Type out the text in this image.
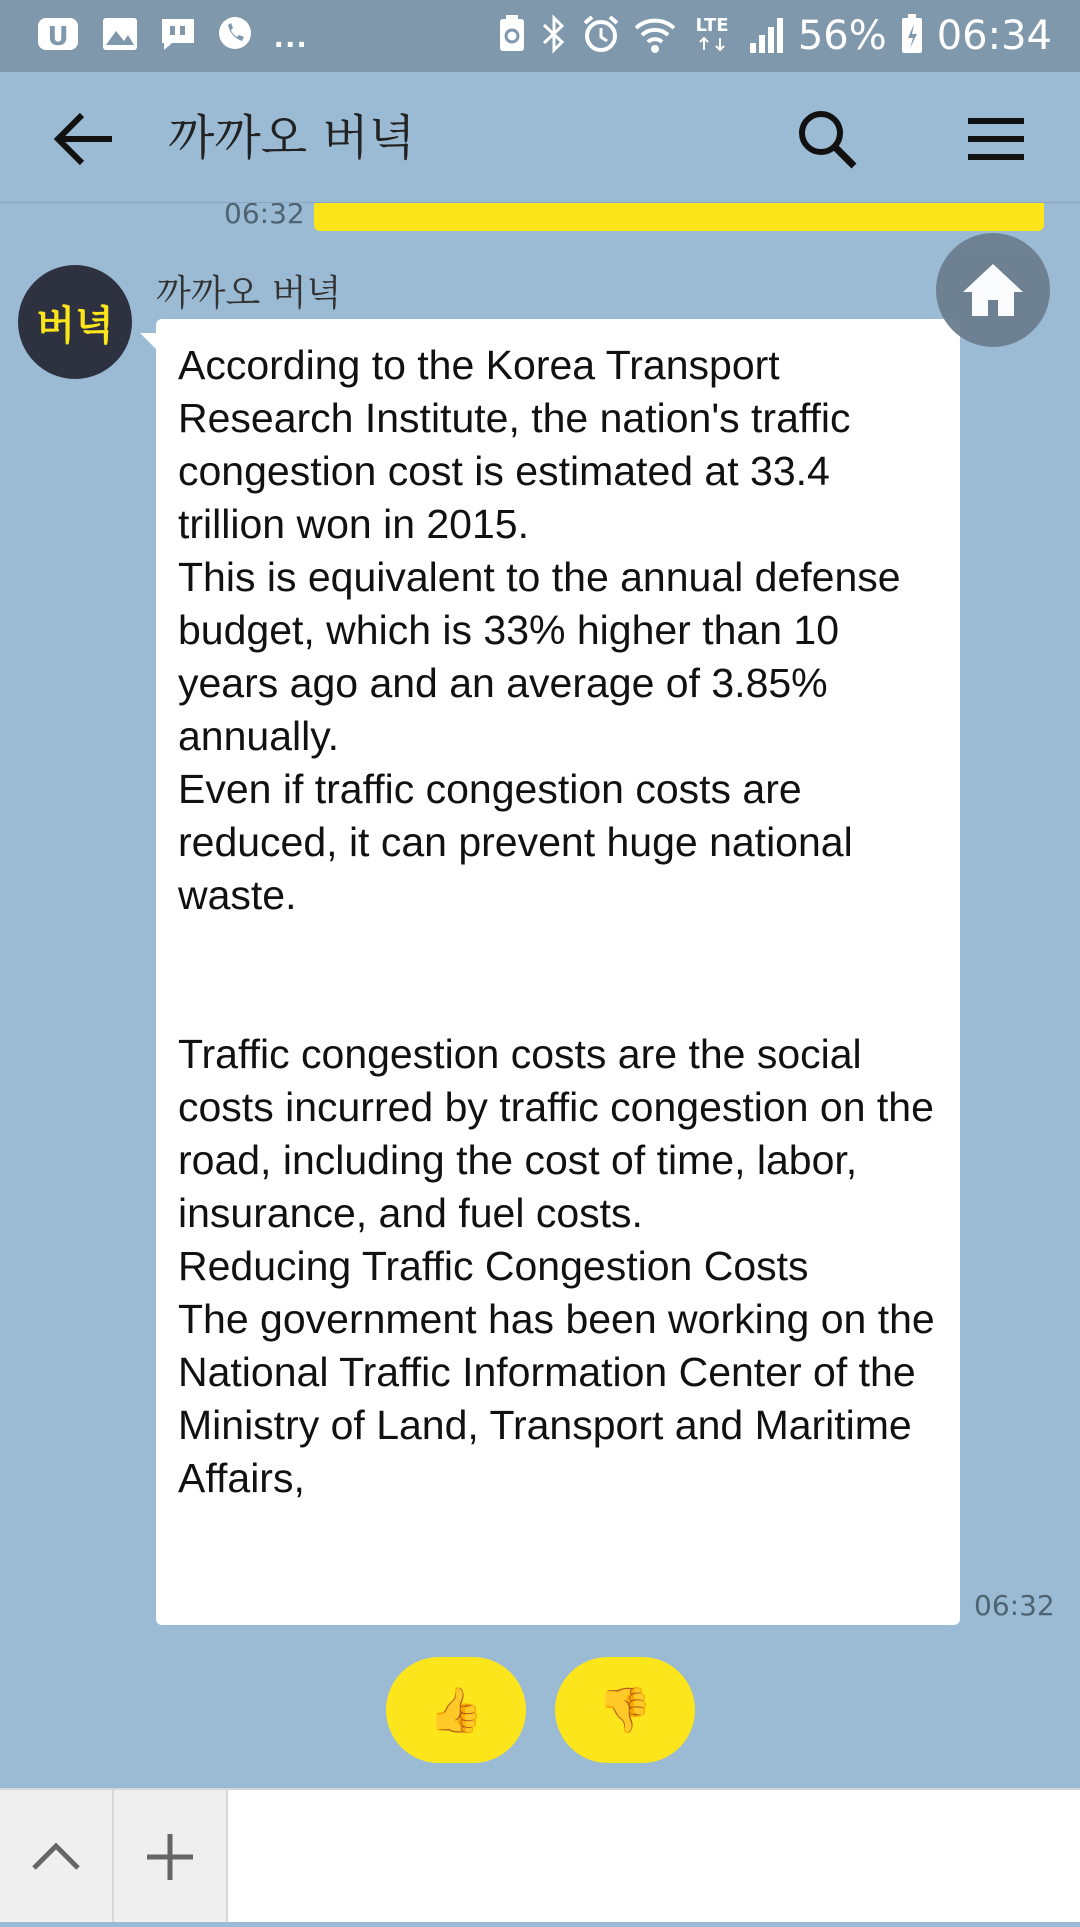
U	...	LTE 56% 06:34
까까오 버녁
06:32
버녁
까까오 버녁

According to the Korea Transport Research Institute, the nation's traffic congestion cost is estimated at 33.4 trillion won in 2015.

This is equivalent to the annual defense budget, which is 33% higher than 10 years ago and an average of 3.85% annually.

Even if traffic congestion costs are reduced, it can prevent huge national waste.

Traffic congestion costs are the social costs incurred by traffic congestion on the road, including the cost of time, labor, insurance, and fuel costs.

Reducing Traffic Congestion Costs

The government has been working on the National Traffic Information Center of the Ministry of Land, Transport and Maritime Affairs,

06:32
👍	👎
